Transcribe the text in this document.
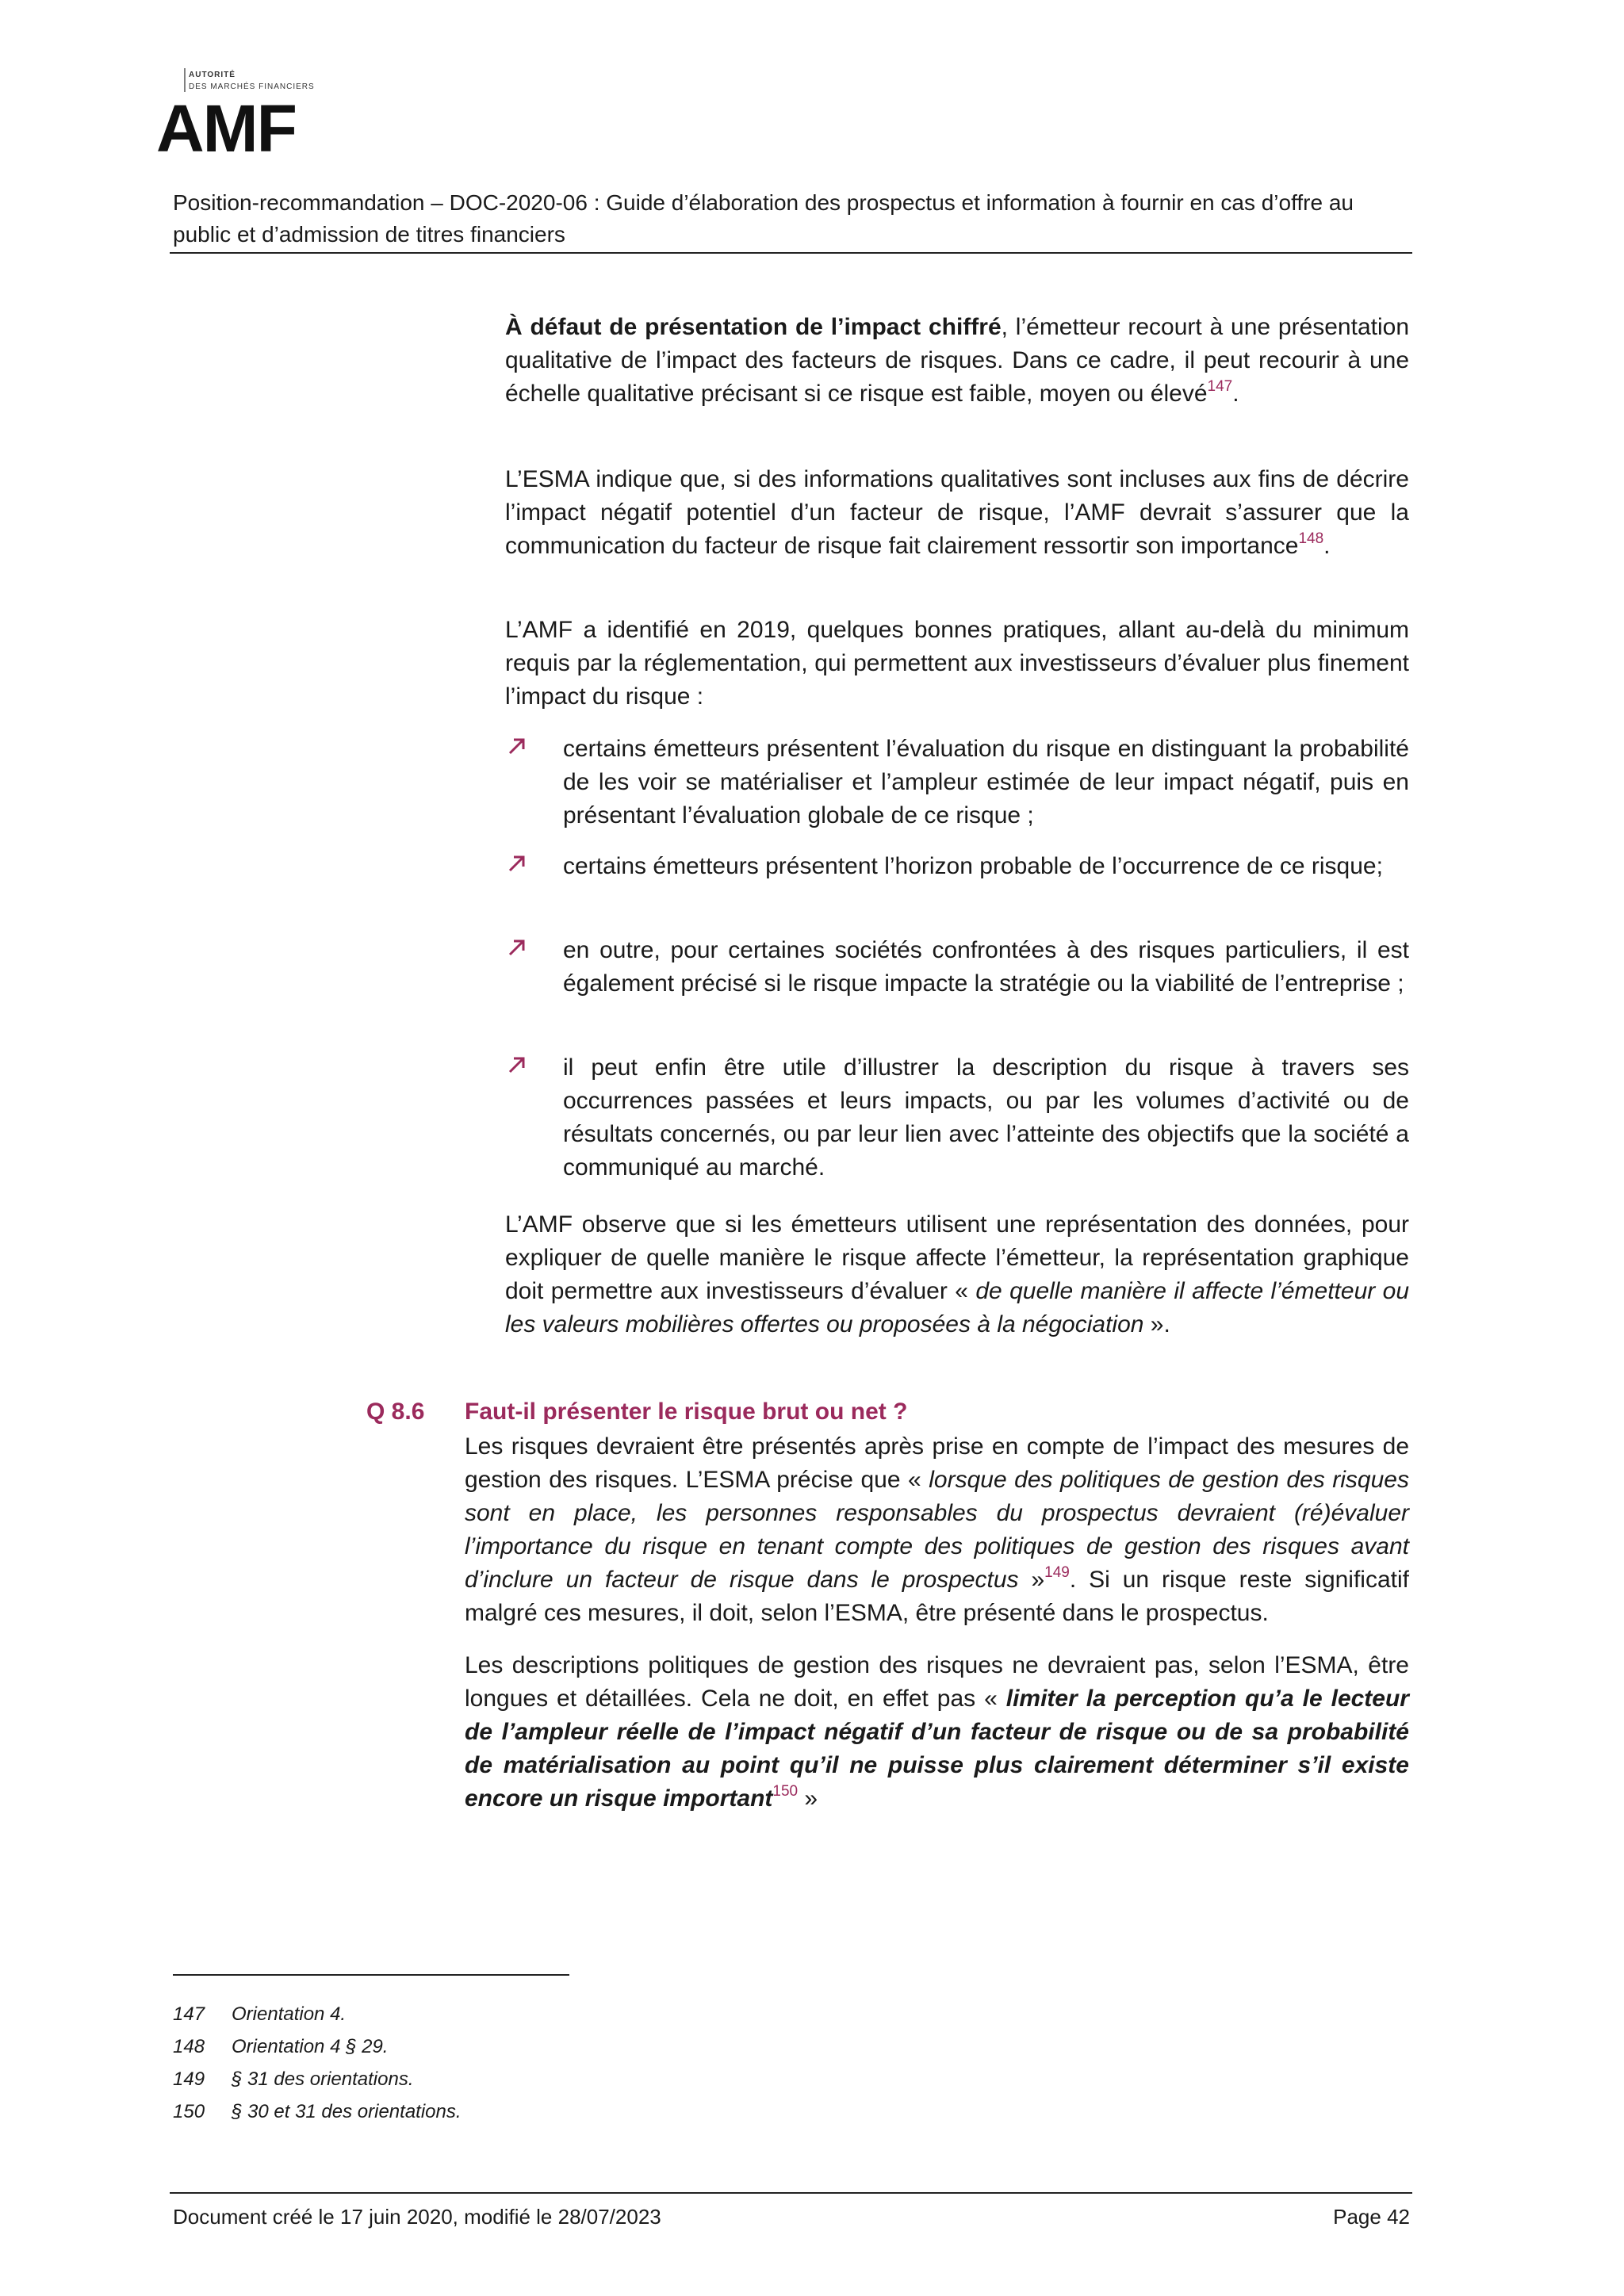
AUTORITÉ
DES MARCHÉS FINANCIERS
AMF
Position-recommandation – DOC-2020-06 : Guide d’élaboration des prospectus et information à fournir en cas d’offre au public et d’admission de titres financiers

À défaut de présentation de l’impact chiffré, l’émetteur recourt à une présentation qualitative de l’impact des facteurs de risques. Dans ce cadre, il peut recourir à une échelle qualitative précisant si ce risque est faible, moyen ou élevé$^{147}$.

L’ESMA indique que, si des informations qualitatives sont incluses aux fins de décrire l’impact négatif potentiel d’un facteur de risque, l’AMF devrait s’assurer que la communication du facteur de risque fait clairement ressortir son importance$^{148}$.

L’AMF a identifié en 2019, quelques bonnes pratiques, allant au-delà du minimum requis par la réglementation, qui permettent aux investisseurs d’évaluer plus finement l’impact du risque :

certains émetteurs présentent l’évaluation du risque en distinguant la probabilité de les voir se matérialiser et l’ampleur estimée de leur impact négatif, puis en présentant l’évaluation globale de ce risque ;
certains émetteurs présentent l’horizon probable de l’occurrence de ce risque;
en outre, pour certaines sociétés confrontées à des risques particuliers, il est également précisé si le risque impacte la stratégie ou la viabilité de l’entreprise ;
il peut enfin être utile d’illustrer la description du risque à travers ses occurrences passées et leurs impacts, ou par les volumes d’activité ou de résultats concernés, ou par leur lien avec l’atteinte des objectifs que la société a communiqué au marché.

L’AMF observe que si les émetteurs utilisent une représentation des données, pour expliquer de quelle manière le risque affecte l’émetteur, la représentation graphique doit permettre aux investisseurs d’évaluer « de quelle manière il affecte l’émetteur ou les valeurs mobilières offertes ou proposées à la négociation ».

Q 8.6 Faut-il présenter le risque brut ou net ?

Les risques devraient être présentés après prise en compte de l’impact des mesures de gestion des risques. L’ESMA précise que « lorsque des politiques de gestion des risques sont en place, les personnes responsables du prospectus devraient (ré)évaluer l’importance du risque en tenant compte des politiques de gestion des risques avant d’inclure un facteur de risque dans le prospectus »$^{149}$. Si un risque reste significatif malgré ces mesures, il doit, selon l’ESMA, être présenté dans le prospectus.

Les descriptions politiques de gestion des risques ne devraient pas, selon l’ESMA, être longues et détaillées. Cela ne doit, en effet pas « limiter la perception qu’a le lecteur de l’ampleur réelle de l’impact négatif d’un facteur de risque ou de sa probabilité de matérialisation au point qu’il ne puisse plus clairement déterminer s’il existe encore un risque important$^{150}$ »

147 Orientation 4.
148 Orientation 4 § 29.
149 § 31 des orientations.
150 § 30 et 31 des orientations.
Document créé le 17 juin 2020, modifié le 28/07/2023	Page 42
